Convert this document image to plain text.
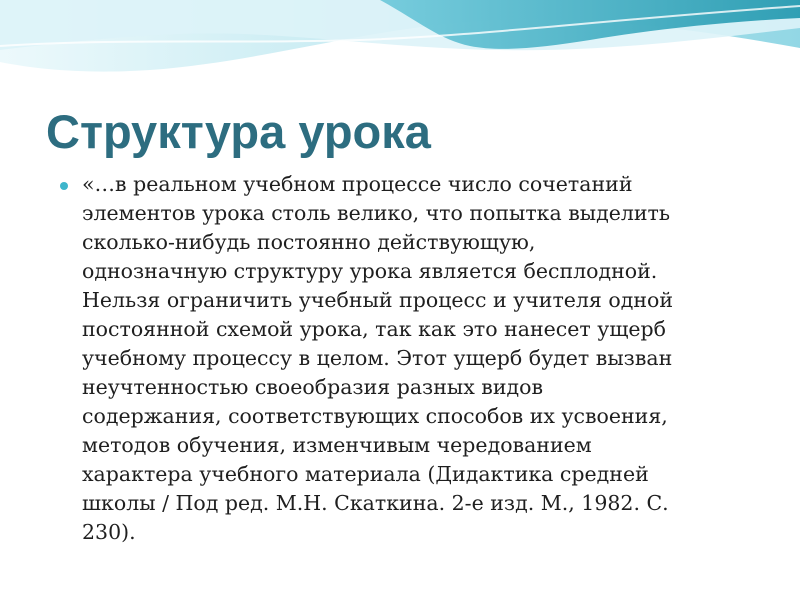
Структура урока

«…в реальном учебном процессе число сочетаний
элементов урока столь велико, что попытка выделить
сколько-нибудь постоянно действующую,
однозначную структуру урока является бесплодной.
Нельзя ограничить учебный процесс и учителя одной
постоянной схемой урока, так как это нанесет ущерб
учебному процессу в целом. Этот ущерб будет вызван
неучтенностью своеобразия разных видов
содержания, соответствующих способов их усвоения,
методов обучения, изменчивым чередованием
характера учебного материала (Дидактика средней
школы / Под ред. М.Н. Скаткина. 2-е изд. М., 1982. С.
230).
